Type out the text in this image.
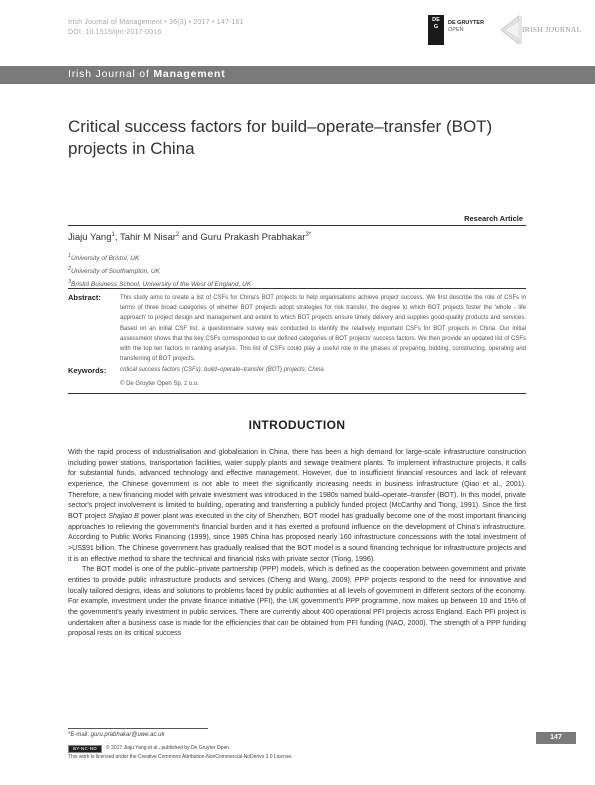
Irish Journal of Management • 36(3) • 2017 • 147-161
DOI: 10.1515/ijm-2017-0016
DE
G
DE GRUYTER
OPEN	IRISH JOURNAL
Irish Journal of Management
Critical success factors for build–operate–transfer (BOT) projects in China
Research Article
Jiaju Yang$^1$, Tahir M Nisar$^2$ and Guru Prakash Prabhakar$^{3*}$
$^1$University of Bristol, UK
$^2$University of Southampton, UK
$^3$Bristol Business School, University of the West of England, UK
Abstract:	This study aims to create a list of CSFs for China's BOT projects to help organisations achieve project success. We first describe the role of CSFs in terms of three broad categories of whether BOT projects adopt strategies for risk transfer, the degree to which BOT projects foster the 'whole - life approach' to project design and management and extent to which BOT projects ensure timely delivery and supplies good-quality products and services. Based on an initial CSF list, a questionnaire survey was conducted to identify the relatively important CSFs for BOT projects in China. Our initial assessment shows that the key CSFs corresponded to our defined categories of BOT projects' success factors. We then provide an updated list of CSFs with the top ten factors in ranking analysis. This list of CSFs could play a useful role in the phases of preparing, bidding, constructing, operating and transferring of BOT projects.
Keywords: critical success factors (CSFs); build–operate–transfer (BOT) projects; China
© De Gruyter Open Sp. z o.o.
INTRODUCTION

With the rapid process of industrialisation and globalisation in China, there has been a high demand for large-scale infrastructure construction including power stations, transportation facilities, water supply plants and sewage treatment plants. To implement infrastructure projects, it calls for substantial funds, advanced technology and effective management. However, due to insufficient financial resources and lack of relevant experience, the Chinese government is not able to meet the significantly increasing needs in business infrastructure (Qiao et al., 2001). Therefore, a new financing model with private investment was introduced in the 1980s named build–operate–transfer (BOT). In this model, private sector's project involvement is limited to building, operating and transferring a publicly funded project (McCarthy and Tiong, 1991). Since the first BOT project Shajiao B power plant was executed in the city of Shenzhen, BOT model has gradually become one of the most important financing approaches to relieving the government's financial burden and it has exerted a profound influence on the development of China's infrastructure. According to Public Works Financing (1999), since 1985 China has proposed nearly 160 infrastructure concessions with the total investment of >US$91 billion. The Chinese government has gradually realised that the BOT model is a sound financing technique for infrastructure projects and it is an effective method to share the technical and financial risks with private sector (Tiong, 1996).

The BOT model is one of the public–private partnership (PPP) models, which is defined as the cooperation between government and private entities to provide public infrastructure products and services (Cheng and Wang, 2009). PPP projects respond to the need for innovative and locally tailored designs, ideas and solutions to problems faced by public authorities at all levels of government in different sectors of the economy. For example, investment under the private finance initiative (PFI), the UK government's PPP programme, now makes up between 10 and 15% of the government's yearly investment in public services. There are currently about 400 operational PFI projects across England. Each PFI project is undertaken after a business case is made for the efficiencies that can be obtained from PFI funding (NAO, 2000). The strength of a PPP funding proposal rests on its critical success

*E-mail: guru.prabhakar@uwe.ac.uk
BY-NC-ND	© 2017 Jiaju Yang et al., published by De Gruyter Open.
This work is licensed under the Creative Commons Attribution-NonCommercial-NoDerivs 3.0 License.
147
